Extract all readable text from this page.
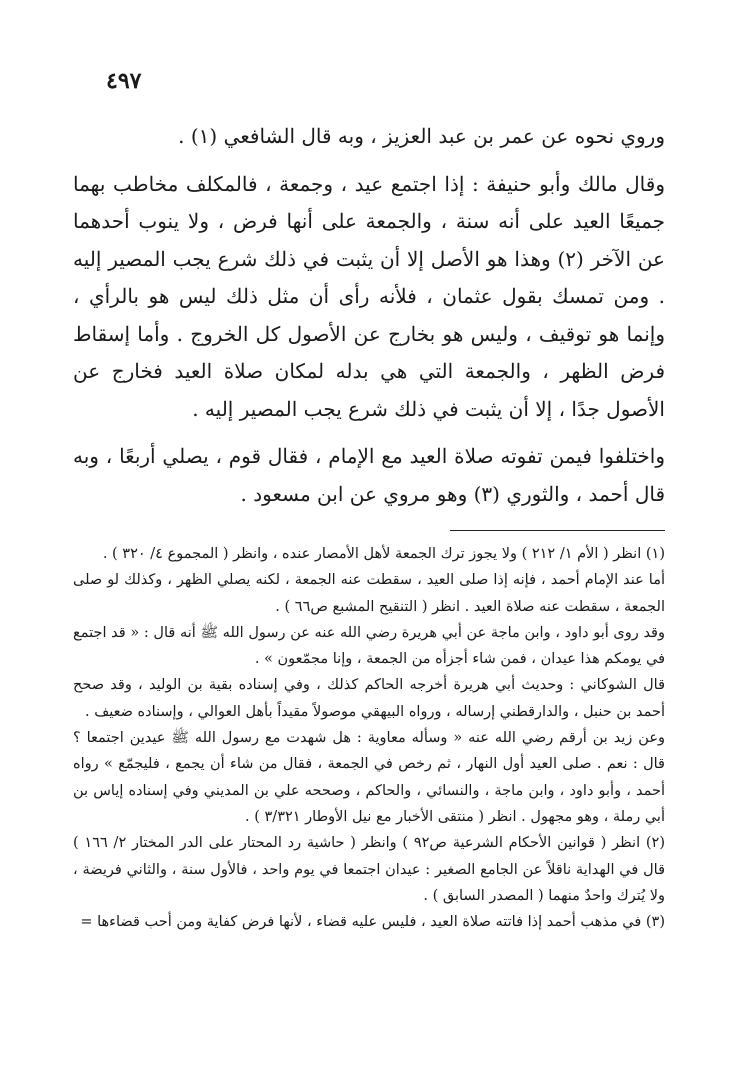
٤٩٧

وروي نحوه عن عمر بن عبد العزيز ، وبه قال الشافعي (١) .

وقال مالك وأبو حنيفة : إذا اجتمع عيد ، وجمعة ، فالمكلف مخاطب بهما جميعًا العيد على أنه سنة ، والجمعة على أنها فرض ، ولا ينوب أحدهما عن الآخر (٢) وهذا هو الأصل إلا أن يثبت في ذلك شرع يجب المصير إليه . ومن تمسك بقول عثمان ، فلأنه رأى أن مثل ذلك ليس هو بالرأي ، وإنما هو توقيف ، وليس هو بخارج عن الأصول كل الخروج . وأما إسقاط فرض الظهر ، والجمعة التي هي بدله لمكان صلاة العيد فخارج عن الأصول جدًا ، إلا أن يثبت في ذلك شرع يجب المصير إليه .

واختلفوا فيمن تفوته صلاة العيد مع الإمام ، فقال قوم ، يصلي أربعًا ، وبه قال أحمد ، والثوري (٣) وهو مروي عن ابن مسعود .

(١) انظر ( الأم ١/ ٢١٢ ) ولا يجوز ترك الجمعة لأهل الأمصار عنده ، وانظر ( المجموع ٤/ ٣٢٠ ) .

أما عند الإمام أحمد ، فإنه إذا صلى العيد ، سقطت عنه الجمعة ، لكنه يصلي الظهر ، وكذلك لو صلى الجمعة ، سقطت عنه صلاة العيد . انظر ( التنقيح المشبع ص٦٦ ) .

وقد روى أبو داود ، وابن ماجة عن أبي هريرة رضي الله عنه عن رسول الله ﷺ أنه قال : « قد اجتمع في يومكم هذا عيدان ، فمن شاء أجزأه من الجمعة ، وإنا مجمّعون » .

قال الشوكاني : وحديث أبي هريرة أخرجه الحاكم كذلك ، وفي إسناده بقية بن الوليد ، وقد صحح أحمد بن حنبل ، والدارقطني إرساله ، ورواه البيهقي موصولاً مقيداً بأهل العوالي ، وإسناده ضعيف .

وعن زيد بن أرقم رضي الله عنه « وسأله معاوية : هل شهدت مع رسول الله ﷺ عيدين اجتمعا ؟ قال : نعم . صلى العيد أول النهار ، ثم رخص في الجمعة ، فقال من شاء أن يجمع ، فليجمّع » رواه أحمد ، وأبو داود ، وابن ماجة ، والنسائي ، والحاكم ، وصححه علي بن المديني وفي إسناده إياس بن أبي رملة ، وهو مجهول . انظر ( منتقى الأخبار مع نيل الأوطار ٣/٣٢١ ) .

(٢) انظر ( قوانين الأحكام الشرعية ص٩٢ ) وانظر ( حاشية رد المحتار على الدر المختار ٢/ ١٦٦ ) قال في الهداية ناقلاً عن الجامع الصغير : عيدان اجتمعا في يوم واحد ، فالأول سنة ، والثاني فريضة ، ولا يُترك واحدٌ منهما ( المصدر السابق ) .

(٣) في مذهب أحمد إذا فاتته صلاة العيد ، فليس عليه قضاء ، لأنها فرض كفاية ومن أحب قضاءها =
